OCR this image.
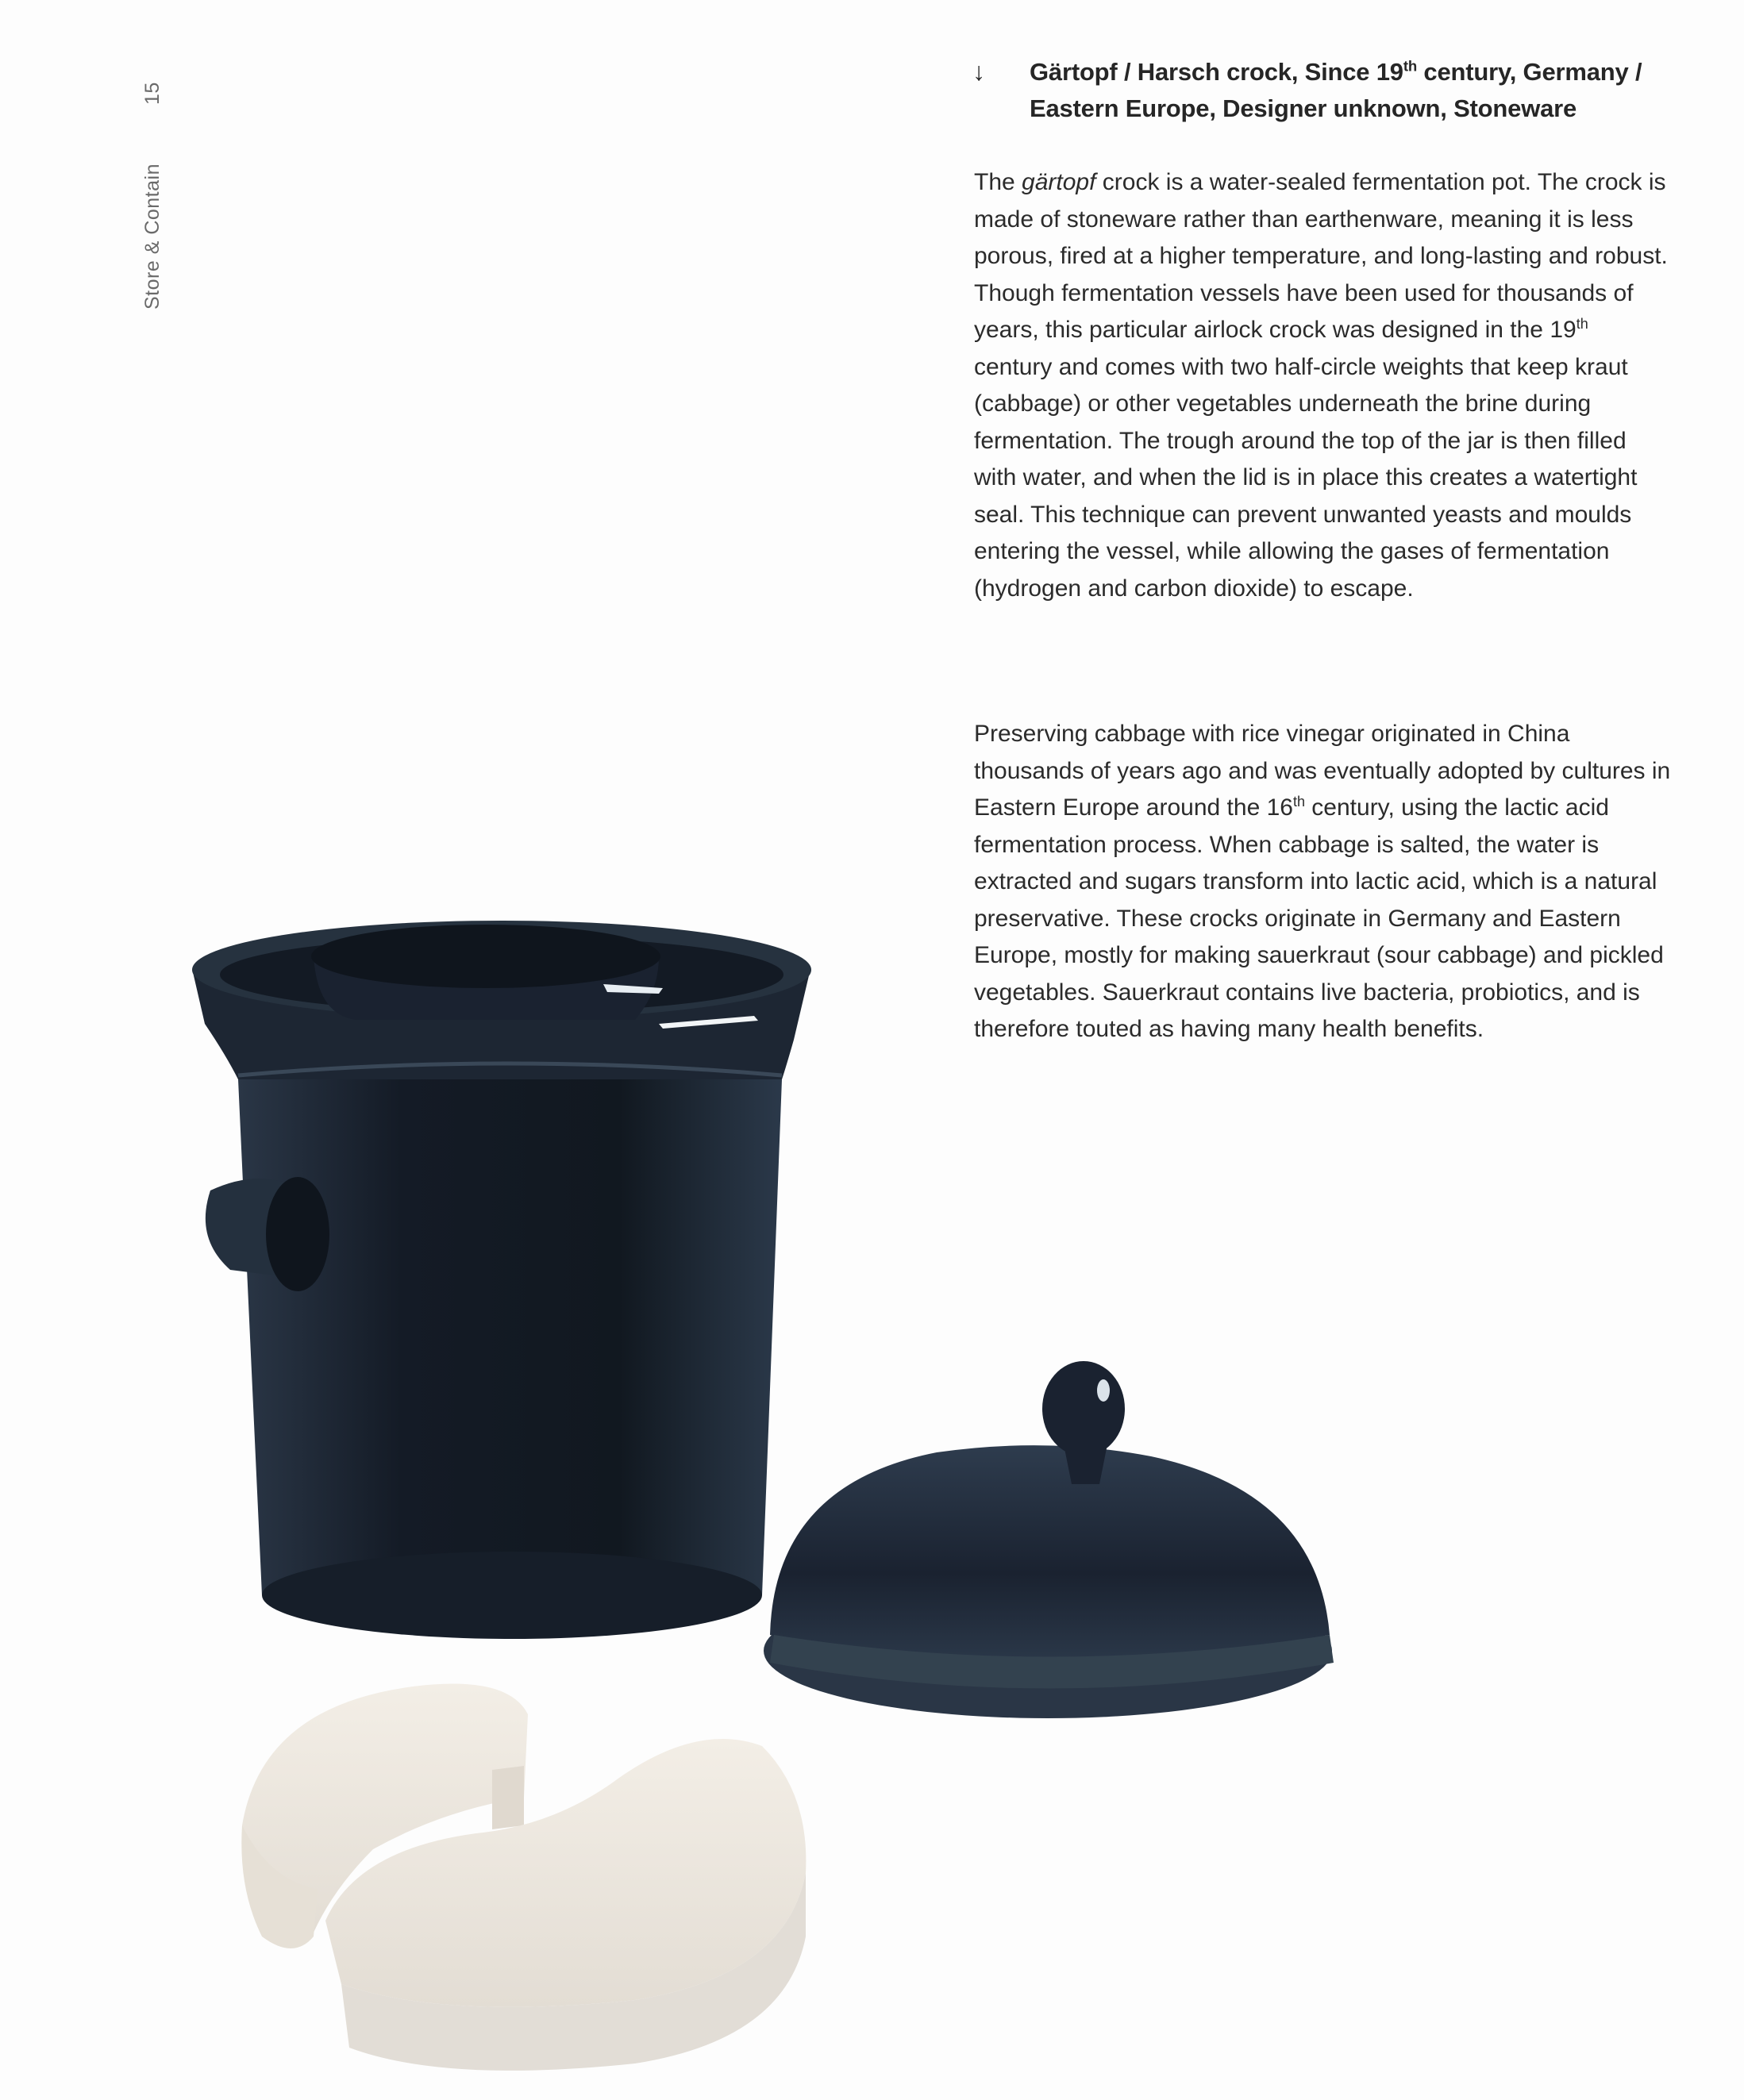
Store & Contain15
↓ Gärtopf / Harsch crock, Since 19th century, Germany / Eastern Europe, Designer unknown, Stoneware
The gärtopf crock is a water-sealed fermentation pot. The crock is made of stoneware rather than earthenware, meaning it is less porous, fired at a higher temperature, and long-lasting and robust. Though fermentation vessels have been used for thousands of years, this particular airlock crock was designed in the 19th century and comes with two half-circle weights that keep kraut (cabbage) or other vegetables underneath the brine during fermentation. The trough around the top of the jar is then filled with water, and when the lid is in place this creates a watertight seal. This technique can prevent unwanted yeasts and moulds entering the vessel, while allowing the gases of fermentation (hydrogen and carbon dioxide) to escape.
Preserving cabbage with rice vinegar originated in China thousands of years ago and was eventually adopted by cultures in Eastern Europe around the 16th century, using the lactic acid fermentation process. When cabbage is salted, the water is extracted and sugars transform into lactic acid, which is a natural preservative. These crocks originate in Germany and Eastern Europe, mostly for making sauerkraut (sour cabbage) and pickled vegetables. Sauerkraut contains live bacteria, probiotics, and is therefore touted as having many health benefits.
